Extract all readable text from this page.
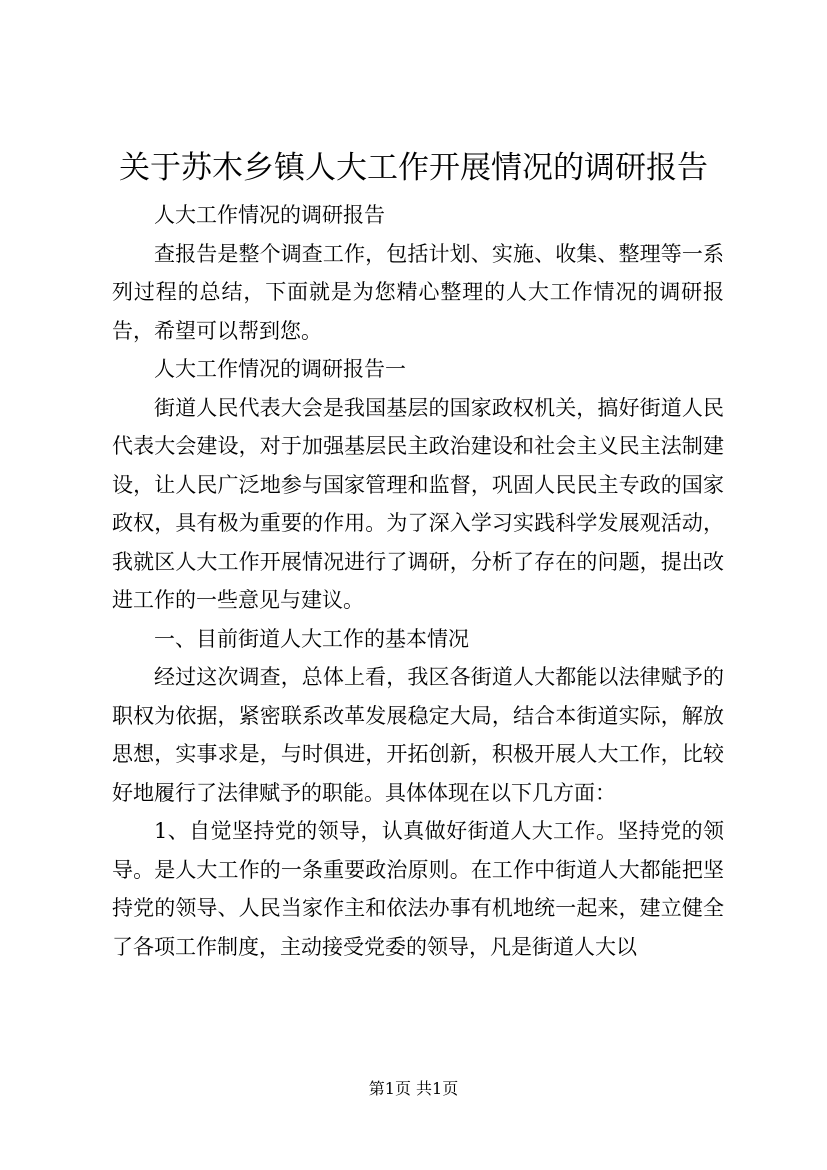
关于苏木乡镇人大工作开展情况的调研报告

人大工作情况的调研报告

查报告是整个调查工作，包括计划、实施、收集、整理等一系列过程的总结，下面就是为您精心整理的人大工作情况的调研报告，希望可以帮到您。

人大工作情况的调研报告一

街道人民代表大会是我国基层的国家政权机关，搞好街道人民代表大会建设，对于加强基层民主政治建设和社会主义民主法制建设，让人民广泛地参与国家管理和监督，巩固人民民主专政的国家政权，具有极为重要的作用。为了深入学习实践科学发展观活动，我就区人大工作开展情况进行了调研，分析了存在的问题，提出改进工作的一些意见与建议。

一、目前街道人大工作的基本情况

经过这次调查，总体上看，我区各街道人大都能以法律赋予的职权为依据，紧密联系改革发展稳定大局，结合本街道实际，解放思想，实事求是，与时俱进，开拓创新，积极开展人大工作，比较好地履行了法律赋予的职能。具体体现在以下几方面：

1、自觉坚持党的领导，认真做好街道人大工作。坚持党的领导。是人大工作的一条重要政治原则。在工作中街道人大都能把坚持党的领导、人民当家作主和依法办事有机地统一起来，建立健全了各项工作制度，主动接受党委的领导，凡是街道人大以

第1页 共1页
